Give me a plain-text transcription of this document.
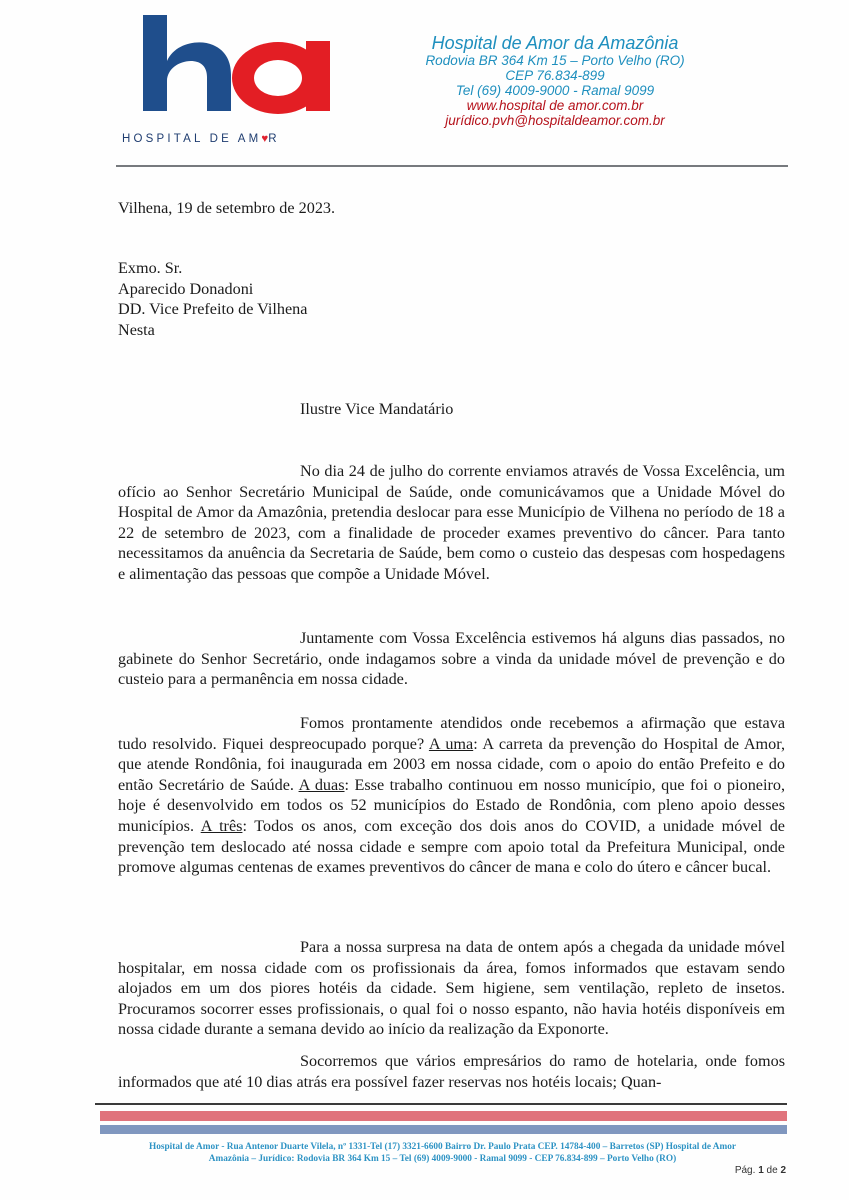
HOSPITAL DE AM♥R
Hospital de Amor da Amazônia
Rodovia BR 364 Km 15 – Porto Velho (RO)
CEP 76.834-899
Tel (69) 4009-9000 - Ramal 9099
www.hospital de amor.com.br
jurídico.pvh@hospitaldeamor.com.br
Vilhena, 19 de setembro de 2023.
Exmo. Sr.
Aparecido Donadoni
DD. Vice Prefeito de Vilhena
Nesta
Ilustre Vice Mandatário
No dia 24 de julho do corrente enviamos através de Vossa Excelência, um ofício ao Senhor Secretário Municipal de Saúde, onde comunicávamos que a Unidade Móvel do Hospital de Amor da Amazônia, pretendia deslocar para esse Município de Vilhena no período de 18 a 22 de setembro de 2023, com a finalidade de proceder exames preventivo do câncer. Para tanto necessitamos da anuência da Secretaria de Saúde, bem como o custeio das despesas com hospedagens e alimentação das pessoas que compõe a Unidade Móvel.
Juntamente com Vossa Excelência estivemos há alguns dias passados, no gabinete do Senhor Secretário, onde indagamos sobre a vinda da unidade móvel de prevenção e do custeio para a permanência em nossa cidade.
Fomos prontamente atendidos onde recebemos a afirmação que estava tudo resolvido. Fiquei despreocupado porque? A uma: A carreta da prevenção do Hospital de Amor, que atende Rondônia, foi inaugurada em 2003 em nossa cidade, com o apoio do então Prefeito e do então Secretário de Saúde. A duas: Esse trabalho continuou em nosso município, que foi o pioneiro, hoje é desenvolvido em todos os 52 municípios do Estado de Rondônia, com pleno apoio desses municípios. A três: Todos os anos, com exceção dos dois anos do COVID, a unidade móvel de prevenção tem deslocado até nossa cidade e sempre com apoio total da Prefeitura Municipal, onde promove algumas centenas de exames preventivos do câncer de mana e colo do útero e câncer bucal.
Para a nossa surpresa na data de ontem após a chegada da unidade móvel hospitalar, em nossa cidade com os profissionais da área, fomos informados que estavam sendo alojados em um dos piores hotéis da cidade. Sem higiene, sem ventilação, repleto de insetos. Procuramos socorrer esses profissionais, o qual foi o nosso espanto, não havia hotéis disponíveis em nossa cidade durante a semana devido ao início da realização da Exponorte.
Socorremos que vários empresários do ramo de hotelaria, onde fomos informados que até 10 dias atrás era possível fazer reservas nos hotéis locais; Quan-
Hospital de Amor - Rua Antenor Duarte Vilela, nº 1331-Tel (17) 3321-6600 Bairro Dr. Paulo Prata CEP. 14784-400 – Barretos (SP) Hospital de Amor
Amazônia – Jurídico: Rodovia BR 364 Km 15 – Tel (69) 4009-9000 - Ramal 9099 - CEP 76.834-899 – Porto Velho (RO)
Pág. 1 de 2
